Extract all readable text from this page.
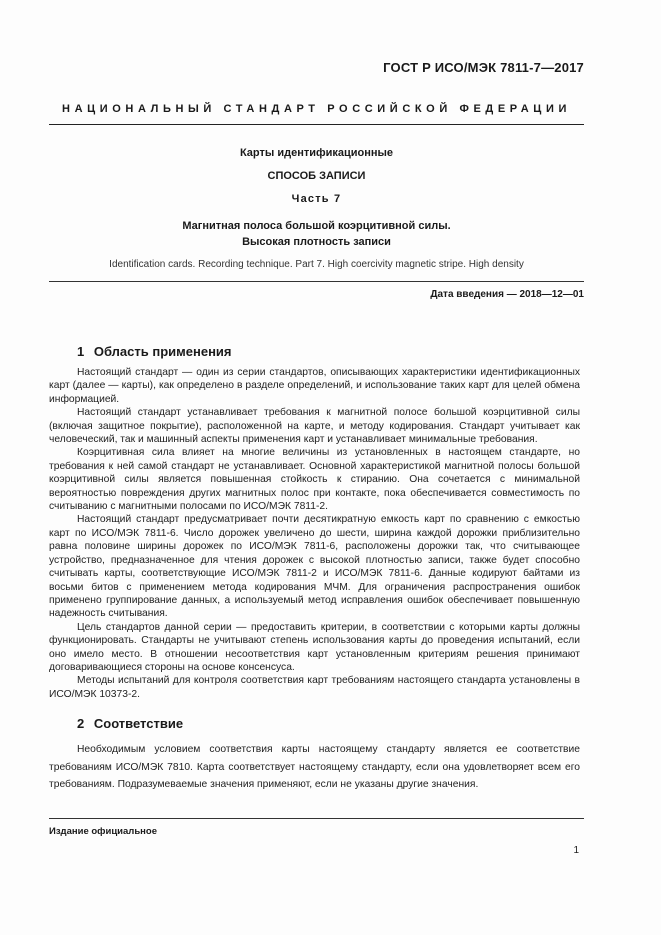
ГОСТ Р ИСО/МЭК 7811-7—2017
НАЦИОНАЛЬНЫЙ СТАНДАРТ РОССИЙСКОЙ ФЕДЕРАЦИИ
Карты идентификационные
СПОСОБ ЗАПИСИ
Часть 7
Магнитная полоса большой коэрцитивной силы.
Высокая плотность записи
Identification cards. Recording technique. Part 7. High coercivity magnetic stripe. High density
Дата введения — 2018—12—01
1 Область применения

Настоящий стандарт — один из серии стандартов, описывающих характеристики идентификационных карт (далее — карты), как определено в разделе определений, и использование таких карт для целей обмена информацией.

Настоящий стандарт устанавливает требования к магнитной полосе большой коэрцитивной силы (включая защитное покрытие), расположенной на карте, и методу кодирования. Стандарт учитывает как человеческий, так и машинный аспекты применения карт и устанавливает минимальные требования.

Коэрцитивная сила влияет на многие величины из установленных в настоящем стандарте, но требования к ней самой стандарт не устанавливает. Основной характеристикой магнитной полосы большой коэрцитивной силы является повышенная стойкость к стиранию. Она сочетается с минимальной вероятностью повреждения других магнитных полос при контакте, пока обеспечивается совместимость по считыванию с магнитными полосами по ИСО/МЭК 7811-2.

Настоящий стандарт предусматривает почти десятикратную емкость карт по сравнению с емкостью карт по ИСО/МЭК 7811-6. Число дорожек увеличено до шести, ширина каждой дорожки приблизительно равна половине ширины дорожек по ИСО/МЭК 7811-6, расположены дорожки так, что считывающее устройство, предназначенное для чтения дорожек с высокой плотностью записи, также будет способно считывать карты, соответствующие ИСО/МЭК 7811-2 и ИСО/МЭК 7811-6. Данные кодируют байтами из восьми битов с применением метода кодирования МЧМ. Для ограничения распространения ошибок применено группирование данных, а используемый метод исправления ошибок обеспечивает повышенную надежность считывания.

Цель стандартов данной серии — предоставить критерии, в соответствии с которыми карты должны функционировать. Стандарты не учитывают степень использования карты до проведения испытаний, если оно имело место. В отношении несоответствия карт установленным критериям решения принимают договаривающиеся стороны на основе консенсуса.

Методы испытаний для контроля соответствия карт требованиям настоящего стандарта установлены в ИСО/МЭК 10373-2.

2 Соответствие

Необходимым условием соответствия карты настоящему стандарту является ее соответствие требованиям ИСО/МЭК 7810. Карта соответствует настоящему стандарту, если она удовлетворяет всем его требованиям. Подразумеваемые значения применяют, если не указаны другие значения.

Издание официальное
1
